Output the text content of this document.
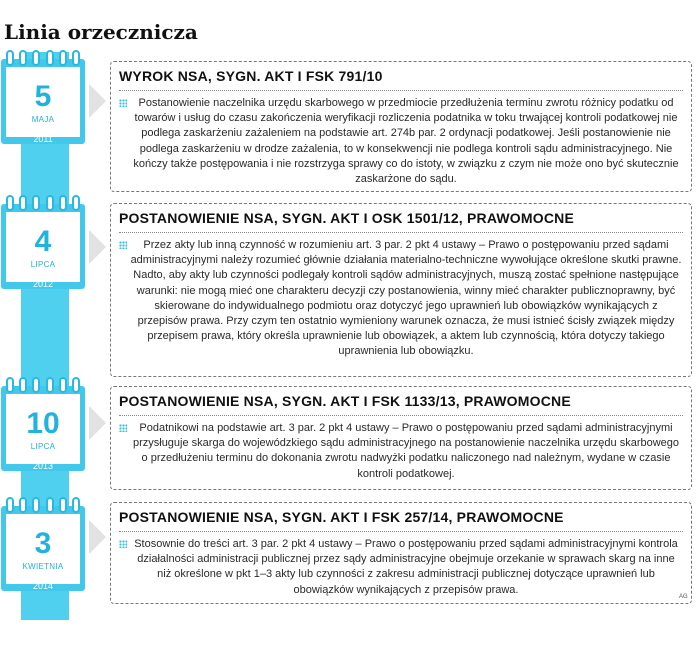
Linia orzecznicza
5
MAJA
2011
WYROK NSA, SYGN. AKT I FSK 791/10
Postanowienie naczelnika urzędu skarbowego w przedmiocie przedłużenia terminu zwrotu różnicy podatku od towarów i usług do czasu zakończenia weryfikacji rozliczenia podatnika w toku trwającej kontroli podatkowej nie podlega zaskarżeniu zażaleniem na podstawie art. 274b par. 2 ordynacji podatkowej. Jeśli postanowienie nie podlega zaskarżeniu w drodze zażalenia, to w konsekwencji nie podlega kontroli sądu administracyjnego. Nie kończy także postępowania i nie rozstrzyga sprawy co do istoty, w związku z czym nie może ono być skutecznie zaskarżone do sądu.
4
LIPCA
2012
POSTANOWIENIE NSA, SYGN. AKT I OSK 1501/12, PRAWOMOCNE
Przez akty lub inną czynność w rozumieniu art. 3 par. 2 pkt 4 ustawy – Prawo o postępowaniu przed sądami administracyjnymi należy rozumieć głównie działania materialno-techniczne wywołujące określone skutki prawne. Nadto, aby akty lub czynności podlegały kontroli sądów administracyjnych, muszą zostać spełnione następujące warunki: nie mogą mieć one charakteru decyzji czy postanowienia, winny mieć charakter publicznoprawny, być skierowane do indywidualnego podmiotu oraz dotyczyć jego uprawnień lub obowiązków wynikających z przepisów prawa. Przy czym ten ostatnio wymieniony warunek oznacza, że musi istnieć ścisły związek między przepisem prawa, który określa uprawnienie lub obowiązek, a aktem lub czynnością, która dotyczy takiego uprawnienia lub obowiązku.
10
LIPCA
2013
POSTANOWIENIE NSA, SYGN. AKT I FSK 1133/13, PRAWOMOCNE
Podatnikowi na podstawie art. 3 par. 2 pkt 4 ustawy – Prawo o postępowaniu przed sądami administracyjnymi przysługuje skarga do wojewódzkiego sądu administracyjnego na postanowienie naczelnika urzędu skarbowego o przedłużeniu terminu do dokonania zwrotu nadwyżki podatku naliczonego nad należnym, wydane w czasie kontroli podatkowej.
3
KWIETNIA
2014
POSTANOWIENIE NSA, SYGN. AKT I FSK 257/14, PRAWOMOCNE
Stosownie do treści art. 3 par. 2 pkt 4 ustawy – Prawo o postępowaniu przed sądami administracyjnymi kontrola działalności administracji publicznej przez sądy administracyjne obejmuje orzekanie w sprawach skarg na inne niż określone w pkt 1–3 akty lub czynności z zakresu administracji publicznej dotyczące uprawnień lub obowiązków wynikających z przepisów prawa.
AG
